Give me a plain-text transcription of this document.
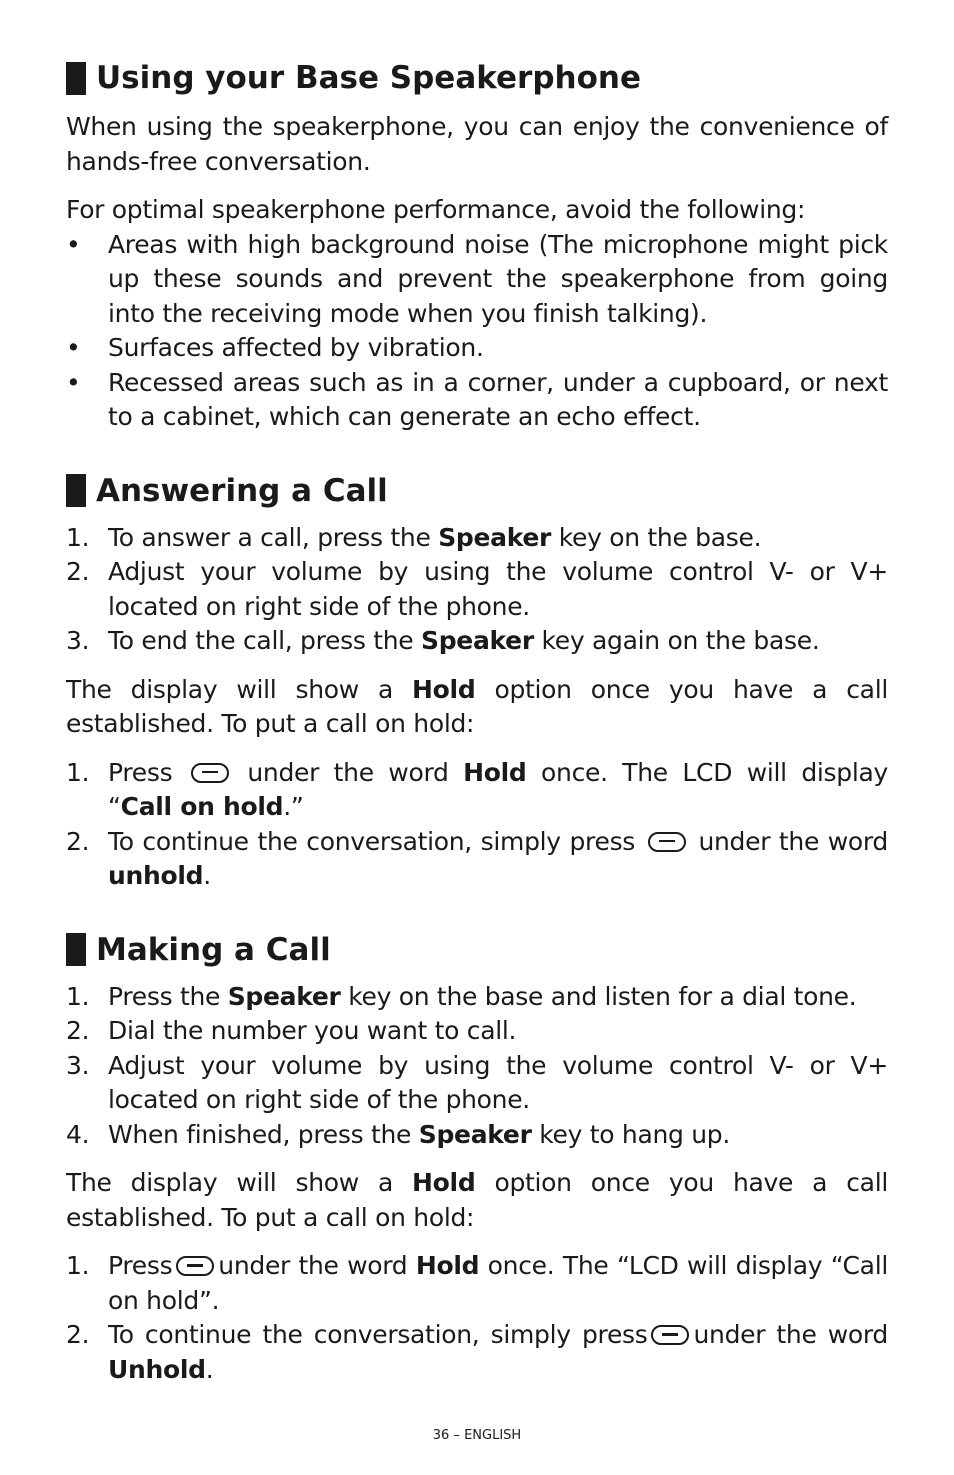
Using your Base Speakerphone

When using the speakerphone, you can enjoy the convenience of hands-free conversation.

For optimal speakerphone performance, avoid the following:

•	Areas with high background noise (The microphone might pick up these sounds and prevent the speakerphone from going into the receiving mode when you finish talking).
•	Surfaces affected by vibration.
•	Recessed areas such as in a corner, under a cupboard, or next to a cabinet, which can generate an echo effect.
Answering a Call
1. To answer a call, press the Speaker key on the base.
2. Adjust your volume by using the volume control V- or V+ located on right side of the phone.
3. To end the call, press the Speaker key again on the base.

The display will show a Hold option once you have a call established. To put a call on hold:

1. Press  under the word Hold once. The LCD will display “Call on hold.”
2. To continue the conversation, simply press  under the word unhold.
Making a Call
1. Press the Speaker key on the base and listen for a dial tone.
2. Dial the number you want to call.
3. Adjust your volume by using the volume control V- or V+ located on right side of the phone.
4. When finished, press the Speaker key to hang up.

The display will show a Hold option once you have a call established. To put a call on hold:

1. Press under the word Hold once. The “LCD will display “Call on hold”.
2. To continue the conversation, simply press under the word Unhold.
36 – ENGLISH
